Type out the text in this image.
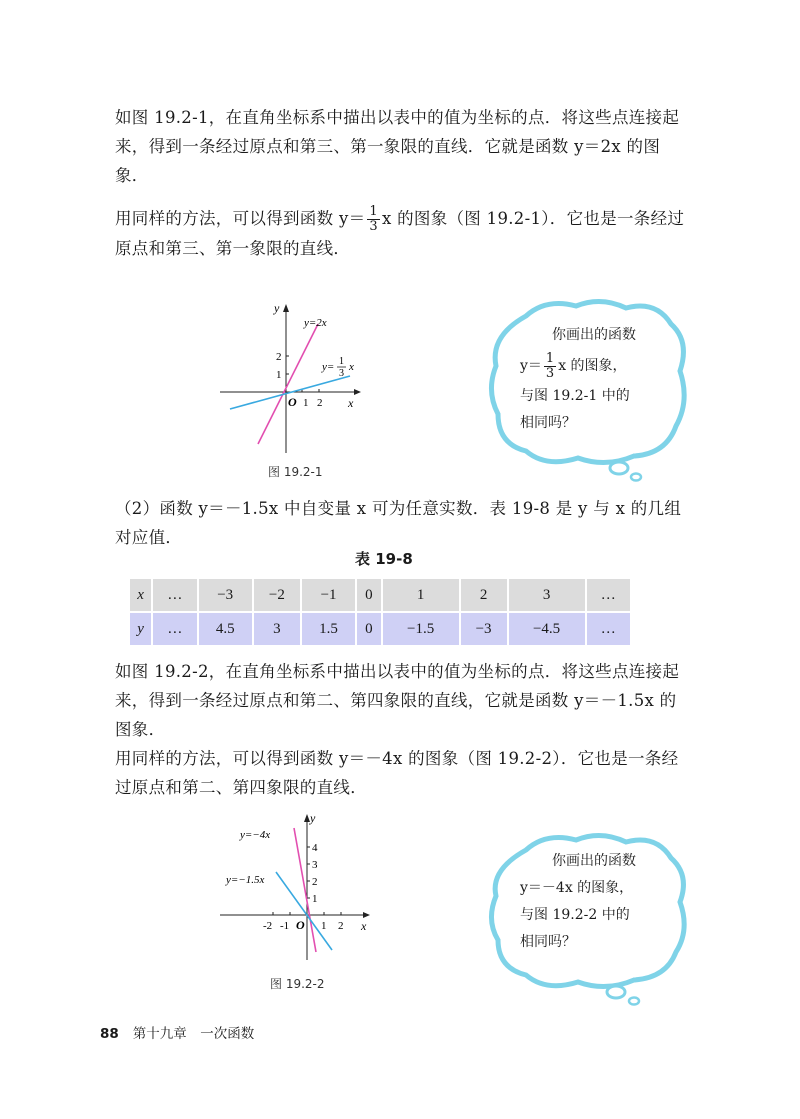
如图 19.2-1，在直角坐标系中描出以表中的值为坐标的点．将这些点连接起来，得到一条经过原点和第三、第一象限的直线．它就是函数 y＝2x 的图象．
用同样的方法，可以得到函数 $y= \frac{1}{3}$ x 的图象（图 19.2-1）．它也是一条经过原点和第三、第一象限的直线．
y
x
O 1 2
1
2
y=2x
y= 1
3
x
图 19.2-1
你画出的函数
$y= \frac{1}{3}$ x 的图象，
与图 19.2-1 中的
相同吗？
（2）函数 y＝－1.5x 中自变量 x 可为任意实数．表 19-8 是 y 与 x 的几组对应值．
表 19-8
x	…	−3	−2	−1	0	1	2	3	…
y	…	4.5	3	1.5	0	−1.5	−3	−4.5	…
如图 19.2-2，在直角坐标系中描出以表中的值为坐标的点．将这些点连接起来，得到一条经过原点和第二、第四象限的直线，它就是函数 y＝－1.5x 的图象．
用同样的方法，可以得到函数 y＝－4x 的图象（图 19.2-2）．它也是一条经过原点和第二、第四象限的直线．
y
x
O
-2 -1	1 2
1
2
3
4
y=−4x
y=−1.5x
图 19.2-2
你画出的函数
y＝－4x 的图象，
与图 19.2-2 中的
相同吗？
88 第十九章　一次函数
